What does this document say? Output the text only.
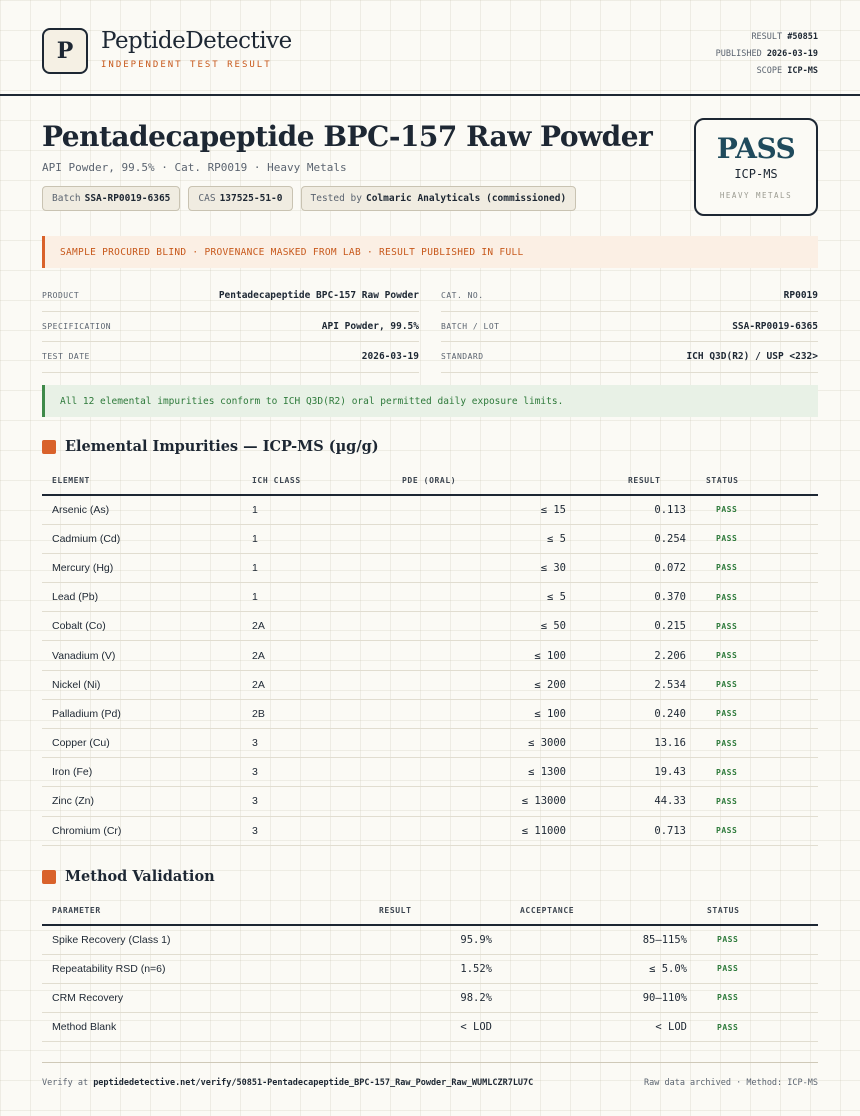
P	PeptideDetective
INDEPENDENT TEST RESULT
RESULT #50851
PUBLISHED 2026-03-19
SCOPE ICP-MS
Pentadecapeptide BPC-157 Raw Powder
API Powder, 99.5% · Cat. RP0019 · Heavy Metals
Batch SSA-RP0019-6365	CAS 137525-51-0	Tested by Colmaric Analyticals (commissioned)
PASS
ICP-MS
HEAVY METALS
SAMPLE PROCURED BLIND · PROVENANCE MASKED FROM LAB · RESULT PUBLISHED IN FULL
PRODUCT	Pentadecapeptide BPC-157 Raw Powder	CAT. NO.	RP0019
SPECIFICATION	API Powder, 99.5%	BATCH / LOT	SSA-RP0019-6365
TEST DATE	2026-03-19	STANDARD	ICH Q3D(R2) / USP <232>
All 12 elemental impurities conform to ICH Q3D(R2) oral permitted daily exposure limits.
Elemental Impurities — ICP-MS (µg/g)
ELEMENT	ICH CLASS	PDE (ORAL)	RESULT	STATUS
Arsenic (As)	1	≤ 15	0.113	PASS
Cadmium (Cd)	1	≤ 5	0.254	PASS
Mercury (Hg)	1	≤ 30	0.072	PASS
Lead (Pb)	1	≤ 5	0.370	PASS
Cobalt (Co)	2A	≤ 50	0.215	PASS
Vanadium (V)	2A	≤ 100	2.206	PASS
Nickel (Ni)	2A	≤ 200	2.534	PASS
Palladium (Pd)	2B	≤ 100	0.240	PASS
Copper (Cu)	3	≤ 3000	13.16	PASS
Iron (Fe)	3	≤ 1300	19.43	PASS
Zinc (Zn)	3	≤ 13000	44.33	PASS
Chromium (Cr)	3	≤ 11000	0.713	PASS
Method Validation
PARAMETER	RESULT	ACCEPTANCE	STATUS
Spike Recovery (Class 1)	95.9%	85–115%	PASS
Repeatability RSD (n=6)	1.52%	≤ 5.0%	PASS
CRM Recovery	98.2%	90–110%	PASS
Method Blank	< LOD	< LOD	PASS
Verify at peptidedetective.net/verify/50851-Pentadecapeptide_BPC-157_Raw_Powder_Raw_WUMLCZR7LU7C	Raw data archived · Method: ICP-MS
